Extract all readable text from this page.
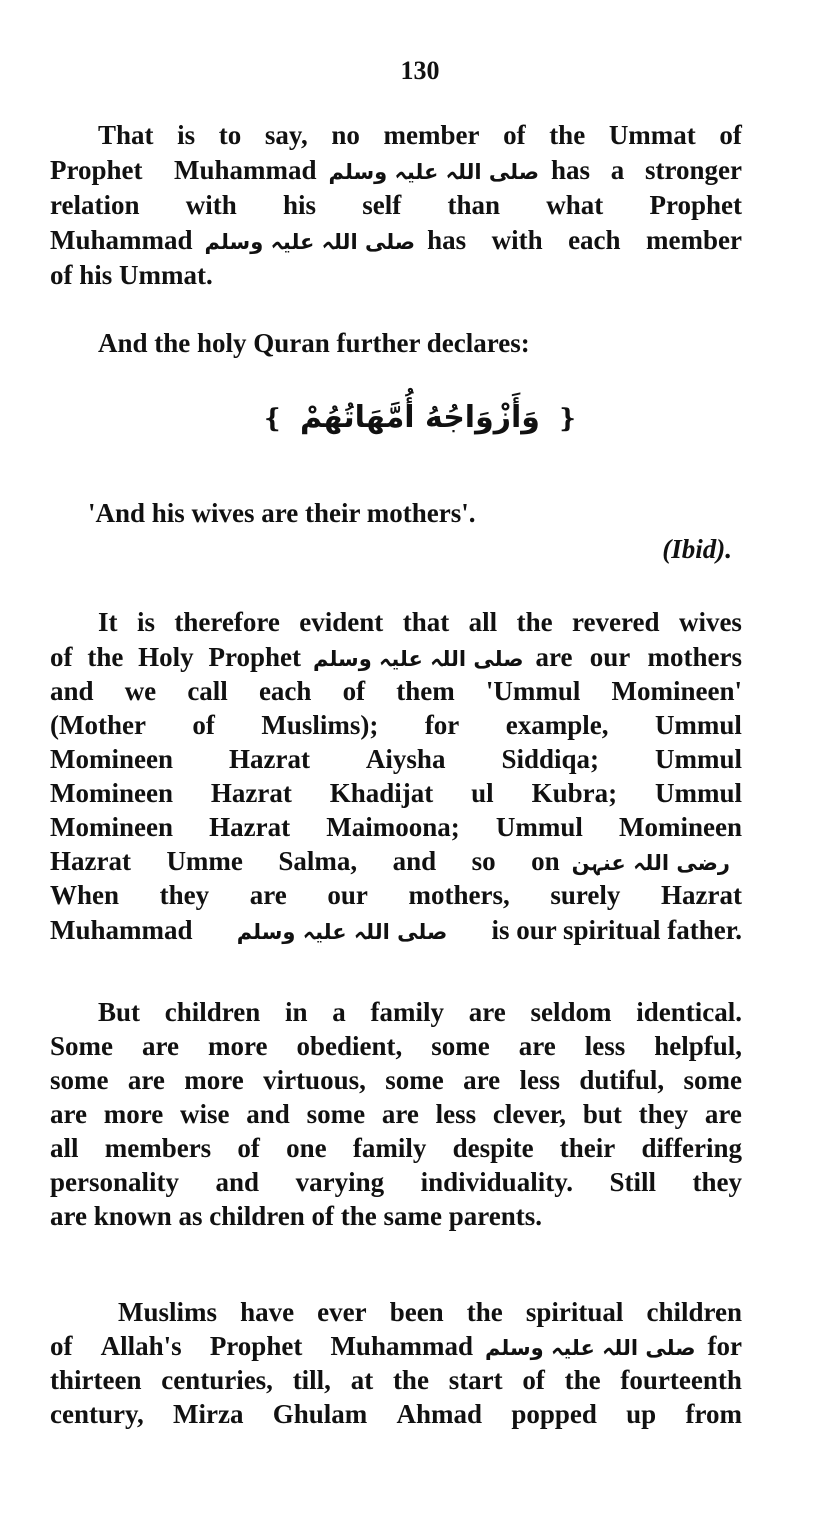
130
That is to say, no member of the Ummat of
Prophet Muhammad صلی اللہ علیہ وسلم has a stronger
relation with his self than what Prophet
Muhammad صلی اللہ علیہ وسلم has with each member
of his Ummat.
And the holy Quran further declares:
❴ وَأَزْوَاجُهُ أُمَّهَاتُهُمْ ❵
'And his wives are their mothers'.
(Ibid).
It is therefore evident that all the revered wives
of the Holy Prophet صلی اللہ علیہ وسلم are our mothers
and we call each of them 'Ummul Momineen'
(Mother of Muslims); for example, Ummul
Momineen Hazrat Aiysha Siddiqa; Ummul
Momineen Hazrat Khadijat ul Kubra; Ummul
Momineen Hazrat Maimoona; Ummul Momineen
Hazrat Umme Salma, and so on رضی اللہ عنہن
When they are our mothers, surely Hazrat
Muhammad صلی اللہ علیہ وسلم is our spiritual father.
But children in a family are seldom identical.
Some are more obedient, some are less helpful,
some are more virtuous, some are less dutiful, some
are more wise and some are less clever, but they are
all members of one family despite their differing
personality and varying individuality. Still they
are known as children of the same parents.
Muslims have ever been the spiritual children
of Allah's Prophet Muhammad صلی اللہ علیہ وسلم for
thirteen centuries, till, at the start of the fourteenth
century, Mirza Ghulam Ahmad popped up from
